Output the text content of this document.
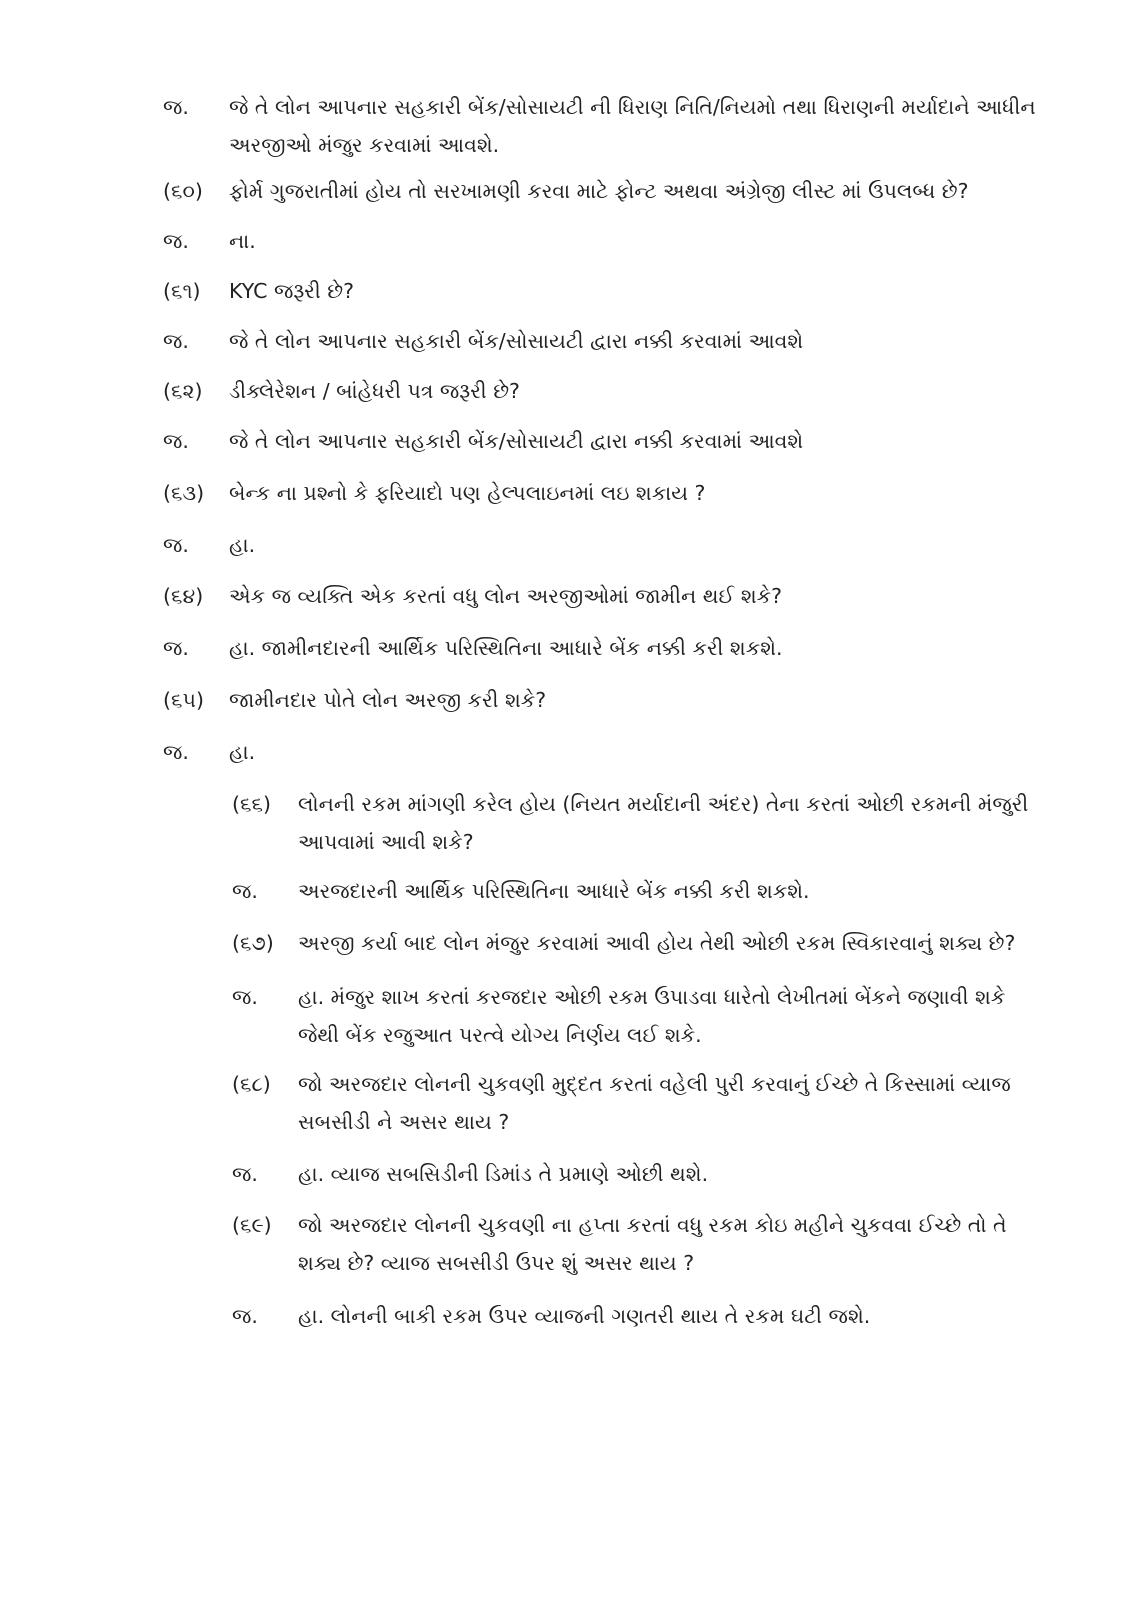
જ.	જે તે લોન આપનાર સહકારી બેંક/સોસાયટી ની ધિરાણ નિતિ/નિયમો તથા ધિરાણની મર્યાદાને આધીન અરજીઓ મંજુર કરવામાં આવશે.
(૬૦)	ફોર્મ ગુજરાતીમાં હોય તો સરખામણી કરવા માટે ફોન્ટ અથવા અંગ્રેજી લીસ્ટ માં ઉપલબ્ધ છે?
જ.	ના.
(૬૧)	KYC જરૂરી છે?
જ.	જે તે લોન આપનાર સહકારી બેંક/સોસાયટી દ્વારા નક્કી કરવામાં આવશે
(૬૨)	ડીક્લેરેશન / બાંહેધરી પત્ર જરૂરી છે?
જ.	જે તે લોન આપનાર સહકારી બેંક/સોસાયટી દ્વારા નક્કી કરવામાં આવશે
(૬૩)	બેન્ક ના પ્રશ્નો કે ફરિયાદો પણ હેલ્પલાઇનમાં લઇ શકાય ?
જ.	હા.
(૬૪)	એક જ વ્યક્તિ એક કરતાં વધુ લોન અરજીઓમાં જામીન થઈ શકે?
જ.	હા. જામીનદારની આર્થિક પરિસ્થિતિના આધારે બેંક નક્કી કરી શકશે.
(૬૫)	જામીનદાર પોતે લોન અરજી કરી શકે?
જ.	હા.
(૬૬)	લોનની રકમ માંગણી કરેલ હોય (નિયત મર્યાદાની અંદર) તેના કરતાં ઓછી રકમની મંજુરી આપવામાં આવી શકે?
જ.	અરજદારની આર્થિક પરિસ્થિતિના આધારે બેંક નક્કી કરી શકશે.
(૬૭)	અરજી કર્યા બાદ લોન મંજુર કરવામાં આવી હોય તેથી ઓછી રકમ સ્વિકારવાનું શક્ય છે?
જ.	હા. મંજુર શાખ કરતાં કરજદાર ઓછી રકમ ઉપાડવા ધારેતો લેખીતમાં બેંકને જણાવી શકે જેથી બેંક રજુઆત પરત્વે યોગ્ય નિર્ણય લઈ શકે.
(૬૮)	જો અરજદાર લોનની ચુકવણી મુદ્દત કરતાં વહેલી પુરી કરવાનું ઈચ્છે તે કિસ્સામાં વ્યાજ સબસીડી ને અસર થાય ?
જ.	હા. વ્યાજ સબસિડીની ડિમાંડ તે પ્રમાણે ઓછી થશે.
(૬૯)	જો અરજદાર લોનની ચુકવણી ના હપ્તા કરતાં વધુ રકમ કોઇ મહીને ચુકવવા ઈચ્છે તો તે શક્ય છે? વ્યાજ સબસીડી ઉપર શું અસર થાય ?
જ.	હા. લોનની બાકી રકમ ઉપર વ્યાજની ગણતરી થાય તે રકમ ઘટી જશે.
